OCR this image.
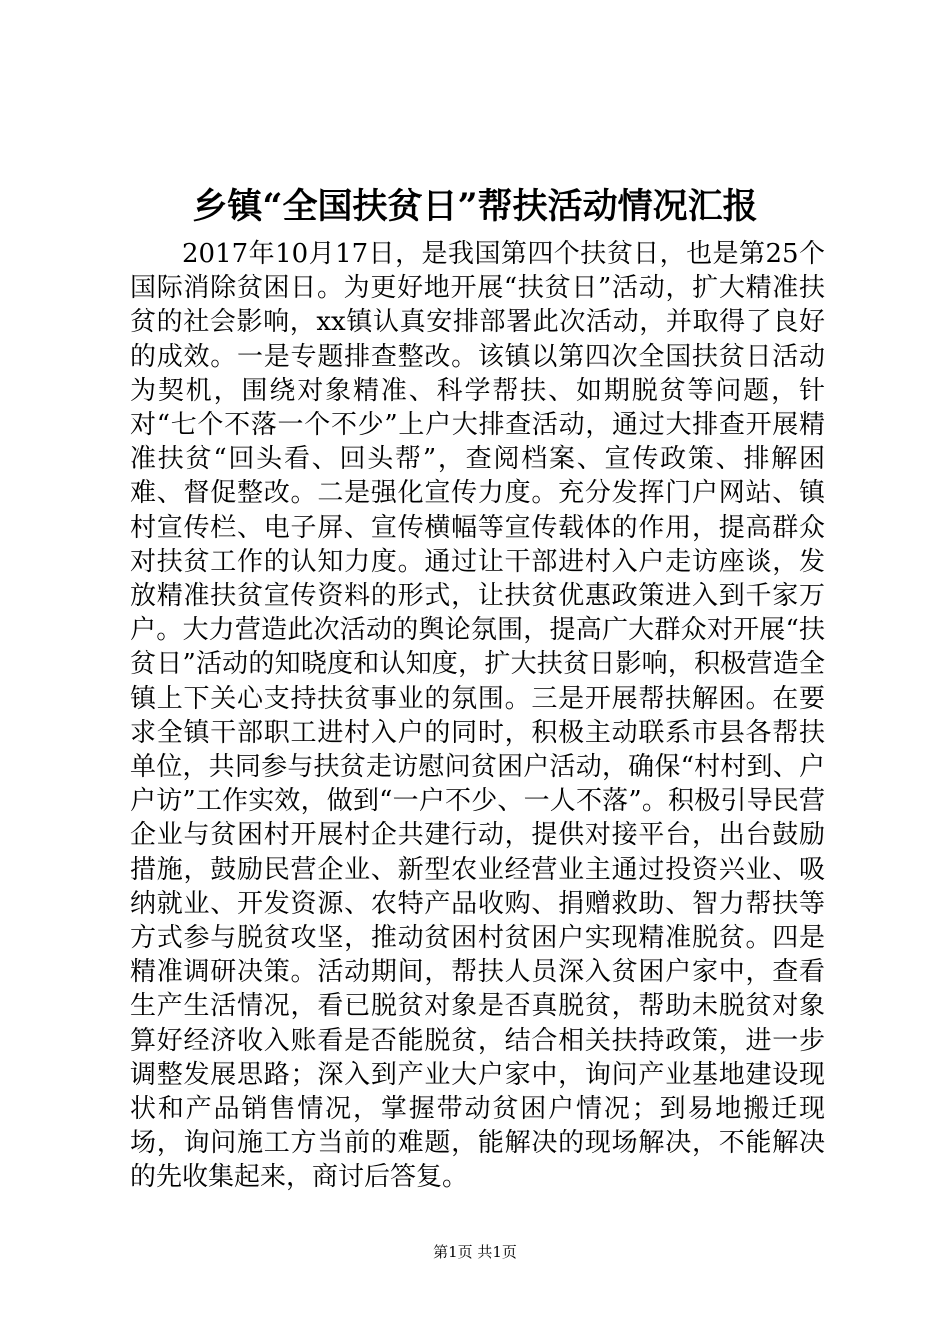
乡镇“全国扶贫日”帮扶活动情况汇报

2017年10月17日，是我国第四个扶贫日，也是第25个国际消除贫困日。为更好地开展“扶贫日”活动，扩大精准扶贫的社会影响，xx镇认真安排部署此次活动，并取得了良好的成效。一是专题排查整改。该镇以第四次全国扶贫日活动为契机，围绕对象精准、科学帮扶、如期脱贫等问题，针对“七个不落一个不少”上户大排查活动，通过大排查开展精准扶贫“回头看、回头帮”，查阅档案、宣传政策、排解困难、督促整改。二是强化宣传力度。充分发挥门户网站、镇村宣传栏、电子屏、宣传横幅等宣传载体的作用，提高群众对扶贫工作的认知力度。通过让干部进村入户走访座谈，发放精准扶贫宣传资料的形式，让扶贫优惠政策进入到千家万户。大力营造此次活动的舆论氛围，提高广大群众对开展“扶贫日”活动的知晓度和认知度，扩大扶贫日影响，积极营造全镇上下关心支持扶贫事业的氛围。三是开展帮扶解困。在要求全镇干部职工进村入户的同时，积极主动联系市县各帮扶单位，共同参与扶贫走访慰问贫困户活动，确保“村村到、户户访”工作实效，做到“一户不少、一人不落”。积极引导民营企业与贫困村开展村企共建行动，提供对接平台，出台鼓励措施，鼓励民营企业、新型农业经营业主通过投资兴业、吸纳就业、开发资源、农特产品收购、捐赠救助、智力帮扶等方式参与脱贫攻坚，推动贫困村贫困户实现精准脱贫。四是精准调研决策。活动期间，帮扶人员深入贫困户家中，查看生产生活情况，看已脱贫对象是否真脱贫，帮助未脱贫对象算好经济收入账看是否能脱贫，结合相关扶持政策，进一步调整发展思路；深入到产业大户家中，询问产业基地建设现状和产品销售情况，掌握带动贫困户情况；到易地搬迁现场，询问施工方当前的难题，能解决的现场解决，不能解决的先收集起来，商讨后答复。

第1页 共1页
